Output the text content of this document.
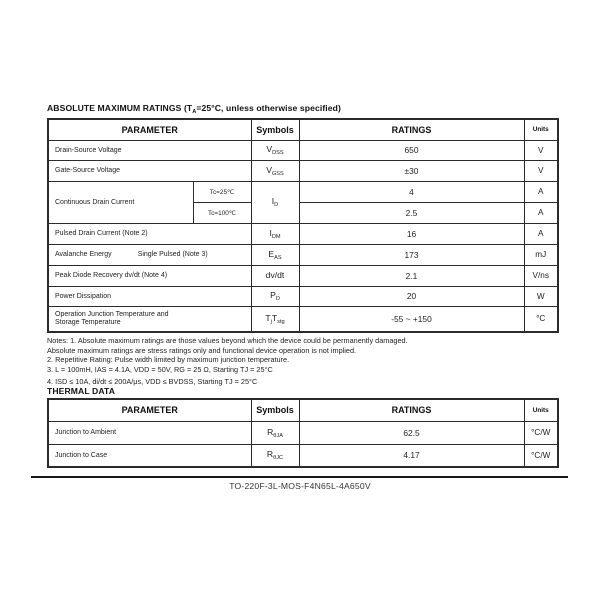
ABSOLUTE MAXIMUM RATINGS ($T_A=25^\circ C$, unless otherwise specified)
PARAMETER		Symbols	RATINGS	Units
Drain-Source Voltage		$V_{DSS}$	650	V
Gate-Source Voltage		$V_{GSS}$	±30	V
Continuous Drain Current	Tc=25℃	$I_D$	4	A
	Tc=100℃		2.5	A
Pulsed Drain Current (Note 2)		$I_{DM}$	16	A
Avalanche Energy Single Pulsed (Note 3)		$E_{AS}$	173	mJ
Peak Diode Recovery dv/dt (Note 4)		dv/dt	2.1	V/ns
Power Dissipation		$P_D$	20	W

Operation Junction Temperature and
Storage Temperature		$T_jT_{stg}$	-55 ~ +150	°C
Notes: 1. Absolute maximum ratings are those values beyond which the device could be permanently damaged.
Absolute maximum ratings are stress ratings only and functional device operation is not implied.
2. Repetitive Rating: Pulse width limited by maximum junction temperature.
3. L = 100mH, IAS = 4.1A, VDD = 50V, RG = 25 Ω, Starting TJ = 25°C
4. ISD ≤ 10A, di/dt ≤ 200A/μs, VDD ≤ BVDSS, Starting TJ = 25°C
THERMAL DATA
PARAMETER	Symbols	RATINGS	Units
Junction to Ambient	$R_{\theta JA}$	62.5	°C/W
Junction to Case	$R_{\theta JC}$	4.17	°C/W
TO-220F-3L-MOS-F4N65L-4A650V
